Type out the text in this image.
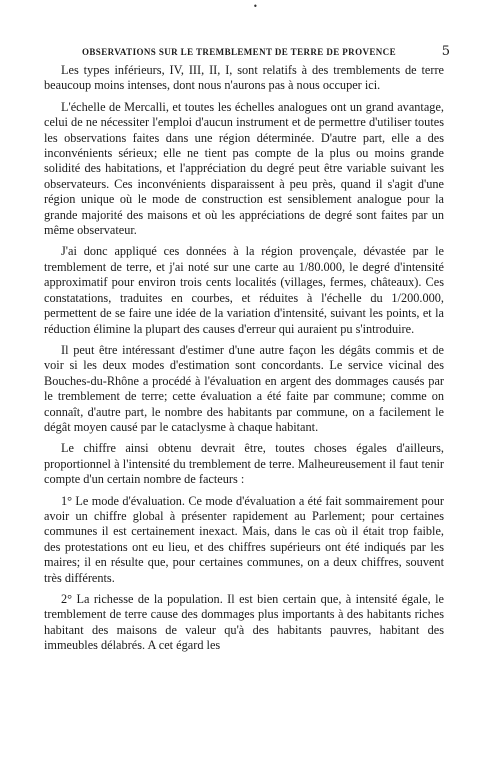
•
OBSERVATIONS SUR LE TREMBLEMENT DE TERRE DE PROVENCE	5

Les types inférieurs, IV, III, II, I, sont relatifs à des tremblements de terre beaucoup moins intenses, dont nous n'aurons pas à nous occuper ici.

L'échelle de Mercalli, et toutes les échelles analogues ont un grand avantage, celui de ne nécessiter l'emploi d'aucun instrument et de permettre d'utiliser toutes les observations faites dans une région déterminée. D'autre part, elle a des inconvénients sérieux; elle ne tient pas compte de la plus ou moins grande solidité des habitations, et l'appréciation du degré peut être variable suivant les observateurs. Ces inconvénients disparaissent à peu près, quand il s'agit d'une région unique où le mode de construction est sensiblement analogue pour la grande majorité des maisons et où les appréciations de degré sont faites par un même observateur.

J'ai donc appliqué ces données à la région provençale, dévastée par le tremblement de terre, et j'ai noté sur une carte au 1/80.000, le degré d'intensité approximatif pour environ trois cents localités (villages, fermes, châteaux). Ces constatations, traduites en courbes, et réduites à l'échelle du 1/200.000, permettent de se faire une idée de la variation d'intensité, suivant les points, et la réduction élimine la plupart des causes d'erreur qui auraient pu s'introduire.

Il peut être intéressant d'estimer d'une autre façon les dégâts commis et de voir si les deux modes d'estimation sont concordants. Le service vicinal des Bouches-du-Rhône a procédé à l'évaluation en argent des dommages causés par le tremblement de terre; cette évaluation a été faite par commune; comme on connaît, d'autre part, le nombre des habitants par commune, on a facilement le dégât moyen causé par le cataclysme à chaque habitant.

Le chiffre ainsi obtenu devrait être, toutes choses égales d'ailleurs, proportionnel à l'intensité du tremblement de terre. Malheureusement il faut tenir compte d'un certain nombre de facteurs :

1° Le mode d'évaluation. Ce mode d'évaluation a été fait sommairement pour avoir un chiffre global à présenter rapidement au Parlement; pour certaines communes il est certainement inexact. Mais, dans le cas où il était trop faible, des protestations ont eu lieu, et des chiffres supérieurs ont été indiqués par les maires; il en résulte que, pour certaines communes, on a deux chiffres, souvent très différents.

2° La richesse de la population. Il est bien certain que, à intensité égale, le tremblement de terre cause des dommages plus importants à des habitants riches habitant des maisons de valeur qu'à des habitants pauvres, habitant des immeubles délabrés. A cet égard les
